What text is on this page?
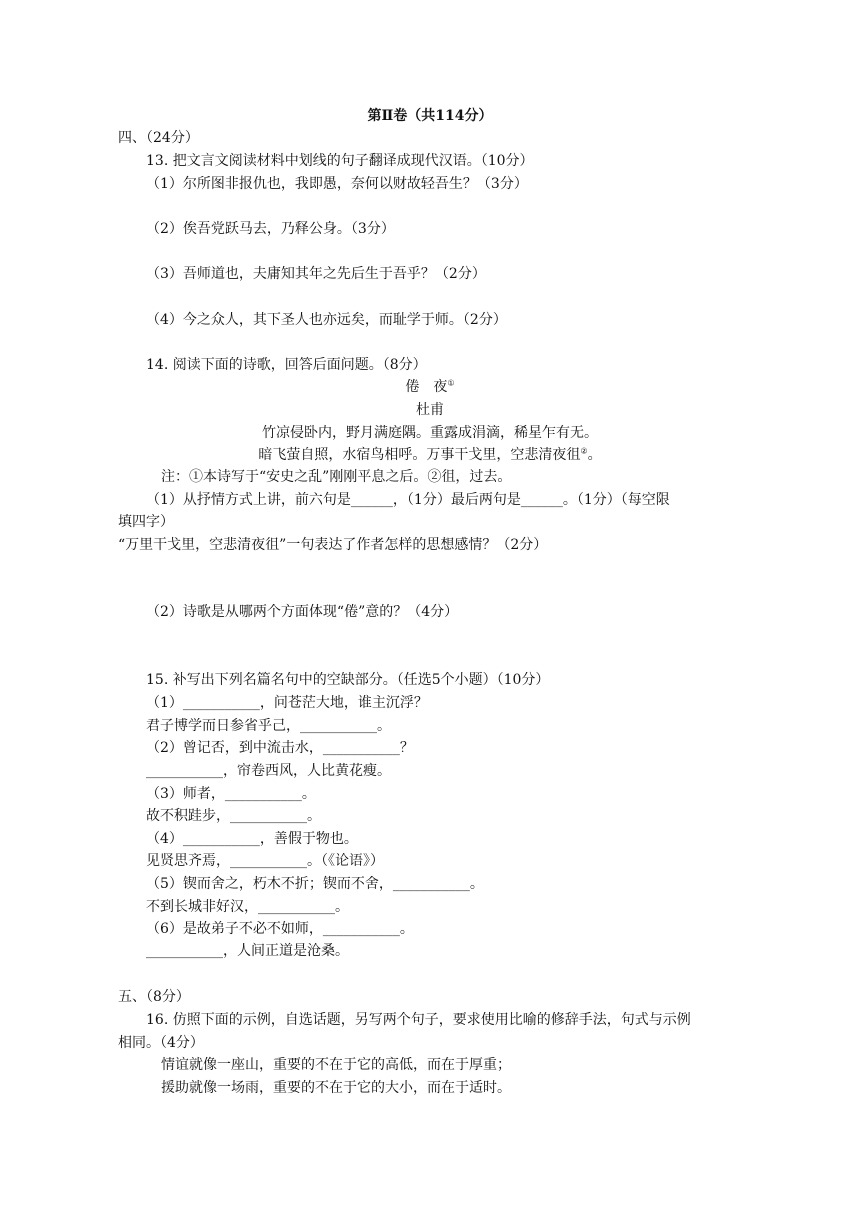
第Ⅱ卷（共114分）
四、（24分）
13. 把文言文阅读材料中划线的句子翻译成现代汉语。（10分）
（1）尔所图非报仇也，我即愚，奈何以财故轻吾生？（3分）
（2）俟吾党跃马去，乃释公身。（3分）
（3）吾师道也，夫庸知其年之先后生于吾乎？（2分）
（4）今之众人，其下圣人也亦远矣，而耻学于师。（2分）
14. 阅读下面的诗歌，回答后面问题。（8分）
倦　夜①
杜甫
竹凉侵卧内，野月满庭隅。重露成涓滴，稀星乍有无。
暗飞萤自照，水宿鸟相呼。万事干戈里，空悲清夜徂②。
注：①本诗写于“安史之乱”刚刚平息之后。②徂，过去。
（1）从抒情方式上讲，前六句是______，（1分）最后两句是______。（1分）（每空限
填四字）
“万里干戈里，空悲清夜徂”一句表达了作者怎样的思想感情？（2分）
（2）诗歌是从哪两个方面体现“倦”意的？（4分）
15. 补写出下列名篇名句中的空缺部分。（任选5个小题）（10分）
（1）___________，问苍茫大地，谁主沉浮？
君子博学而日参省乎己，___________。
（2）曾记否，到中流击水，___________？
___________，帘卷西风，人比黄花瘦。
（3）师者，___________。
故不积跬步，___________。
（4）___________，善假于物也。
见贤思齐焉，___________。（《论语》）
（5）锲而舍之，朽木不折；锲而不舍，___________。
不到长城非好汉，___________。
（6）是故弟子不必不如师，___________。
___________，人间正道是沧桑。
五、（8分）
16. 仿照下面的示例，自选话题，另写两个句子，要求使用比喻的修辞手法，句式与示例
相同。（4分）
情谊就像一座山，重要的不在于它的高低，而在于厚重；
援助就像一场雨，重要的不在于它的大小，而在于适时。
